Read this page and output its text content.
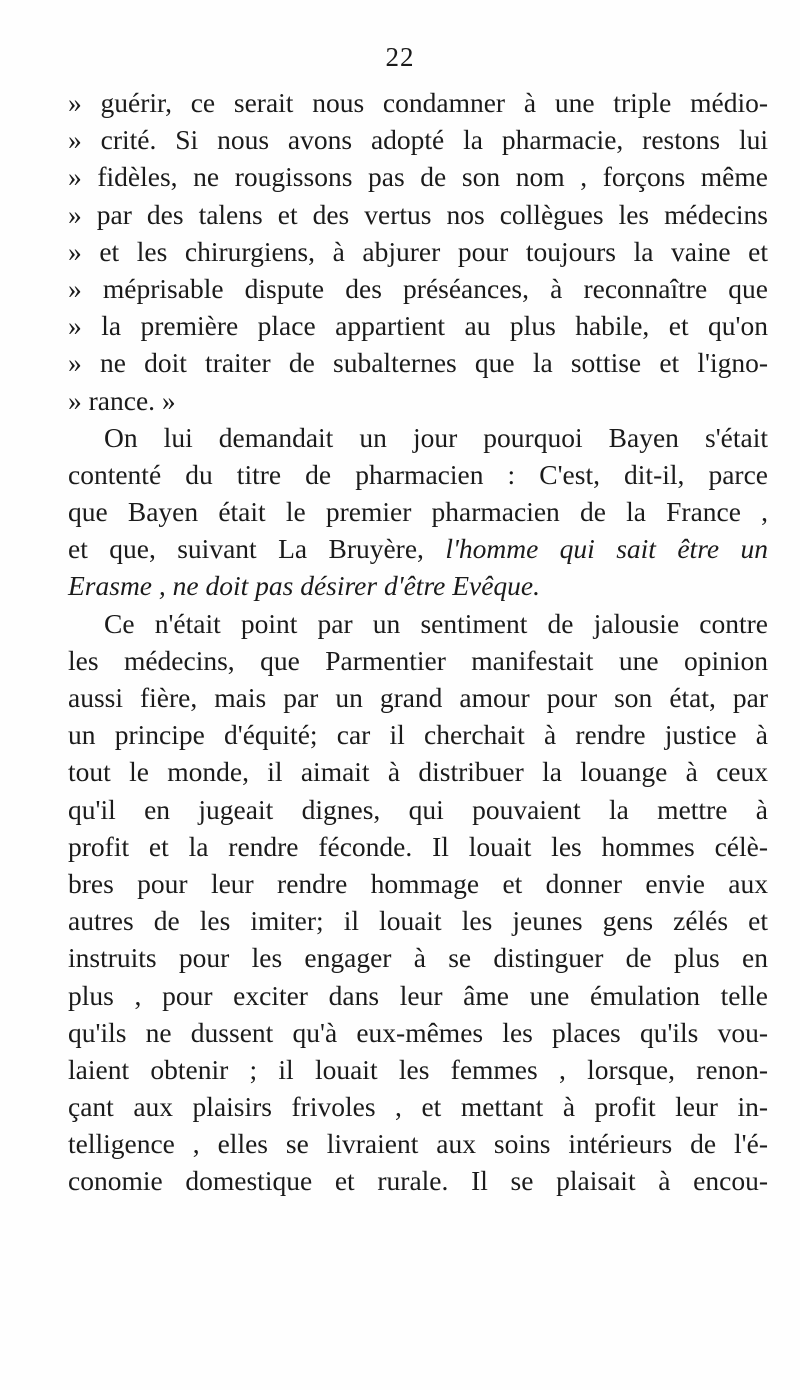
22
» guérir, ce serait nous condamner à une triple médio-
» crité. Si nous avons adopté la pharmacie, restons lui
» fidèles, ne rougissons pas de son nom , forçons même
» par des talens et des vertus nos collègues les médecins
» et les chirurgiens, à abjurer pour toujours la vaine et
» méprisable dispute des préséances, à reconnaître que
» la première place appartient au plus habile, et qu'on
» ne doit traiter de subalternes que la sottise et l'igno-
» rance. »
On lui demandait un jour pourquoi Bayen s'était
contenté du titre de pharmacien : C'est, dit-il, parce
que Bayen était le premier pharmacien de la France ,
et que, suivant La Bruyère, l'homme qui sait être un
Erasme , ne doit pas désirer d'être Evêque.
Ce n'était point par un sentiment de jalousie contre
les médecins, que Parmentier manifestait une opinion
aussi fière, mais par un grand amour pour son état, par
un principe d'équité; car il cherchait à rendre justice à
tout le monde, il aimait à distribuer la louange à ceux
qu'il en jugeait dignes, qui pouvaient la mettre à
profit et la rendre féconde. Il louait les hommes célè-
bres pour leur rendre hommage et donner envie aux
autres de les imiter; il louait les jeunes gens zélés et
instruits pour les engager à se distinguer de plus en
plus , pour exciter dans leur âme une émulation telle
qu'ils ne dussent qu'à eux-mêmes les places qu'ils vou-
laient obtenir ; il louait les femmes , lorsque, renon-
çant aux plaisirs frivoles , et mettant à profit leur in-
telligence , elles se livraient aux soins intérieurs de l'é-
conomie domestique et rurale. Il se plaisait à encou-
